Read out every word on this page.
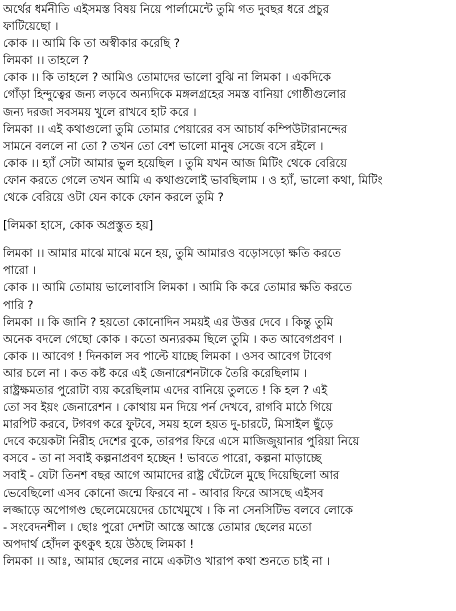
অর্থের ধর্মনীতি এইসমস্ত বিষয় নিয়ে পার্লামেন্টে তুমি গত দুবছর ধরে প্রচুর
ফাটিয়েছো ।
কোক ।। আমি কি তা অস্বীকার করেছি ?
লিমকা ।। তাহলে ?
কোক ।। কি তাহলে ? আমিও তোমাদের ভালো বুঝি না লিমকা । একদিকে
গোঁড়া হিন্দুত্বের জন্য লড়বে অন্যদিকে মঙ্গলগ্রহের সমস্ত বানিয়া গোষ্ঠীগুলোর
জন্য দরজা সবসময় খুলে রাখবে হাট করে ।
লিমকা ।। এই কথাগুলো তুমি তোমার পেয়ারের বস আচার্য কম্পিউটারানন্দের
সামনে বললে না তো ? তখন তো বেশ ভালো মানুষ সেজে বসে রইলে ।
কোক ।। হ্যাঁ সেটা আমার ভুল হয়েছিল । তুমি যখন আজ মিটিং থেকে বেরিয়ে
ফোন করতে গেলে তখন আমি এ কথাগুলোই ভাবছিলাম । ও হ্যাঁ, ভালো কথা, মিটিং
থেকে বেরিয়ে ওটা যেন কাকে ফোন করলে তুমি ?
[লিমকা হাসে, কোক অপ্রস্তুত হয়]
লিমকা ।। আমার মাঝে মাঝে মনে হয়, তুমি আমারও বড়োসড়ো ক্ষতি করতে
পারো ।
কোক ।। আমি তোমায় ভালোবাসি লিমকা । আমি কি করে তোমার ক্ষতি করতে
পারি ?
লিমকা ।। কি জানি ? হয়তো কোনোদিন সময়ই এর উত্তর দেবে । কিন্তু তুমি
অনেক বদলে গেছো কোক । কতো অন্যরকম ছিলে তুমি । কত আবেগপ্রবণ ।
কোক ।। আবেগ ! দিনকাল সব পাল্টে যাচ্ছে লিমকা । ওসব আবেগ টাবেগ
আর চলে না । কত কষ্ট করে এই জেনারেশনটাকে তৈরি করেছিলাম ।
রাষ্ট্রক্ষমতার পুরোটা ব্যয় করেছিলাম এদের বানিয়ে তুলতে ! কি হল ? এই
তো সব ইয়ং জেনারেশন । কোথায় মন দিয়ে পর্ন দেখবে, রাগবি মাঠে গিয়ে
মারপিট করবে, টগবগ করে ফুটবে, সময় হলে হয়ত দু-চারটে, মিসাইল ছুঁড়ে
দেবে কয়েকটা নিরীহ দেশের বুকে, তারপর ফিরে এসে মাজিজুয়ানার পুরিয়া নিয়ে
বসবে - তা না সবাই কল্পনাপ্রবণ হচ্ছেন ! ভাবতে পারো, কল্পনা মাড়াচ্ছে
সবাই - যেটা তিনশ বছর আগে আমাদের রাষ্ট্র ঘেঁটেলে মুছে দিয়েছিলো আর
ভেবেছিলো এসব কোনো জন্মে ফিরবে না - আবার ফিরে আসছে এইসব
লজ্জাড়ে অপোগণ্ড ছেলেমেয়েদের চোখেমুখে । কি না সেনসিটিভ বলবে লোকে
- সংবেদনশীল । ছোঃ পুরো দেশটা আস্তে আস্তে তোমার ছেলের মতো
অপদার্থ হোঁদল কুৎকুৎ হয়ে উঠছে লিমকা !
লিমকা ।। আঃ, আমার ছেলের নামে একটাও খারাপ কথা শুনতে চাই না ।
